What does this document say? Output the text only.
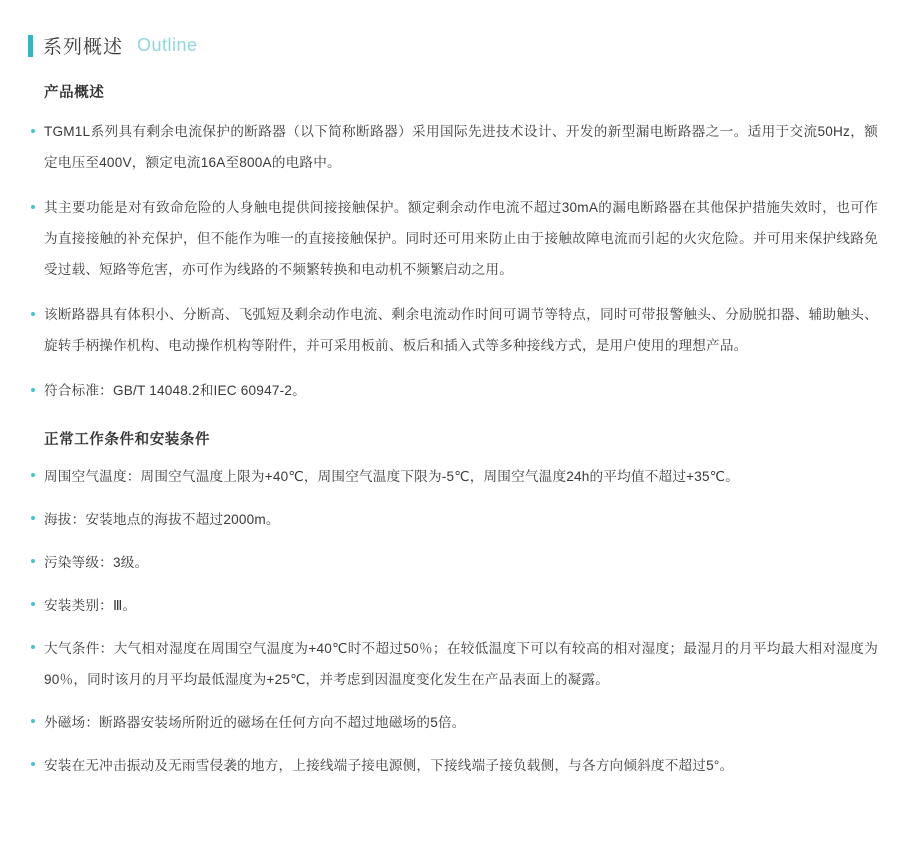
系列概述 Outline
产品概述
TGM1L系列具有剩余电流保护的断路器（以下简称断路器）采用国际先进技术设计、开发的新型漏电断路器之一。适用于交流50Hz，额定电压至400V，额定电流16A至800A的电路中。
其主要功能是对有致命危险的人身触电提供间接接触保护。额定剩余动作电流不超过30mA的漏电断路器在其他保护措施失效时，也可作为直接接触的补充保护，但不能作为唯一的直接接触保护。同时还可用来防止由于接触故障电流而引起的火灾危险。并可用来保护线路免受过载、短路等危害，亦可作为线路的不频繁转换和电动机不频繁启动之用。
该断路器具有体积小、分断高、飞弧短及剩余动作电流、剩余电流动作时间可调节等特点，同时可带报警触头、分励脱扣器、辅助触头、旋转手柄操作机构、电动操作机构等附件，并可采用板前、板后和插入式等多种接线方式，是用户使用的理想产品。
符合标准：GB/T 14048.2和IEC 60947-2。
正常工作条件和安装条件
周围空气温度：周围空气温度上限为+40℃，周围空气温度下限为-5℃，周围空气温度24h的平均值不超过+35℃。
海拔：安装地点的海拔不超过2000m。
污染等级：3级。
安装类别：Ⅲ。
大气条件：大气相对湿度在周围空气温度为+40℃时不超过50％；在较低温度下可以有较高的相对湿度；最湿月的月平均最大相对湿度为90％，同时该月的月平均最低湿度为+25℃，并考虑到因温度变化发生在产品表面上的凝露。
外磁场：断路器安装场所附近的磁场在任何方向不超过地磁场的5倍。
安装在无冲击振动及无雨雪侵袭的地方，上接线端子接电源侧，下接线端子接负载侧，与各方向倾斜度不超过5°。
